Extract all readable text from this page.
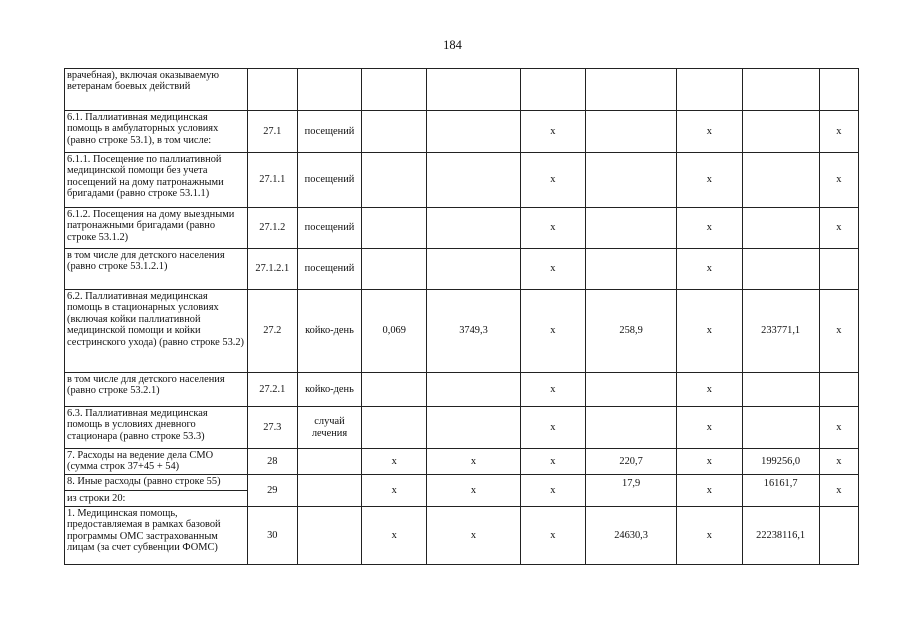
184
врачебная), включая оказываемую ветеранам боевых действий									
6.1. Паллиативная медицинская помощь в амбулаторных условиях (равно строке 53.1), в том числе:	27.1	посещений			x		x		x
6.1.1. Посещение по паллиативной медицинской помощи без учета посещений на дому патронажными бригадами (равно строке 53.1.1)	27.1.1	посещений			x		x		x
6.1.2. Посещения на дому выездными патронажными бригадами (равно строке 53.1.2)	27.1.2	посещений			x		x		x
в том числе для детского населения (равно строке 53.1.2.1)	27.1.2.1	посещений			x		x		
6.2. Паллиативная медицинская помощь в стационарных условиях (включая койки паллиативной медицинской помощи и койки сестринского ухода) (равно строке 53.2)	27.2	койко-день	0,069	3749,3	x	258,9	x	233771,1	x
в том числе для детского населения (равно строке 53.2.1)	27.2.1	койко-день			x		x		
6.3. Паллиативная медицинская помощь в условиях дневного стационара (равно строке 53.3)	27.3	случай лечения			x		x		x
7. Расходы на ведение дела СМО (сумма строк 37+45 + 54)	28		x	x	x	220,7	x	199256,0	x
8. Иные расходы (равно строке 55)	29		x	x	x	17,9	x	16161,7	x
из строки 20:									
1. Медицинская помощь, предоставляемая в рамках базовой программы ОМС застрахованным лицам (за счет субвенции ФОМС)	30		x	x	x	24630,3	x	22238116,1	
